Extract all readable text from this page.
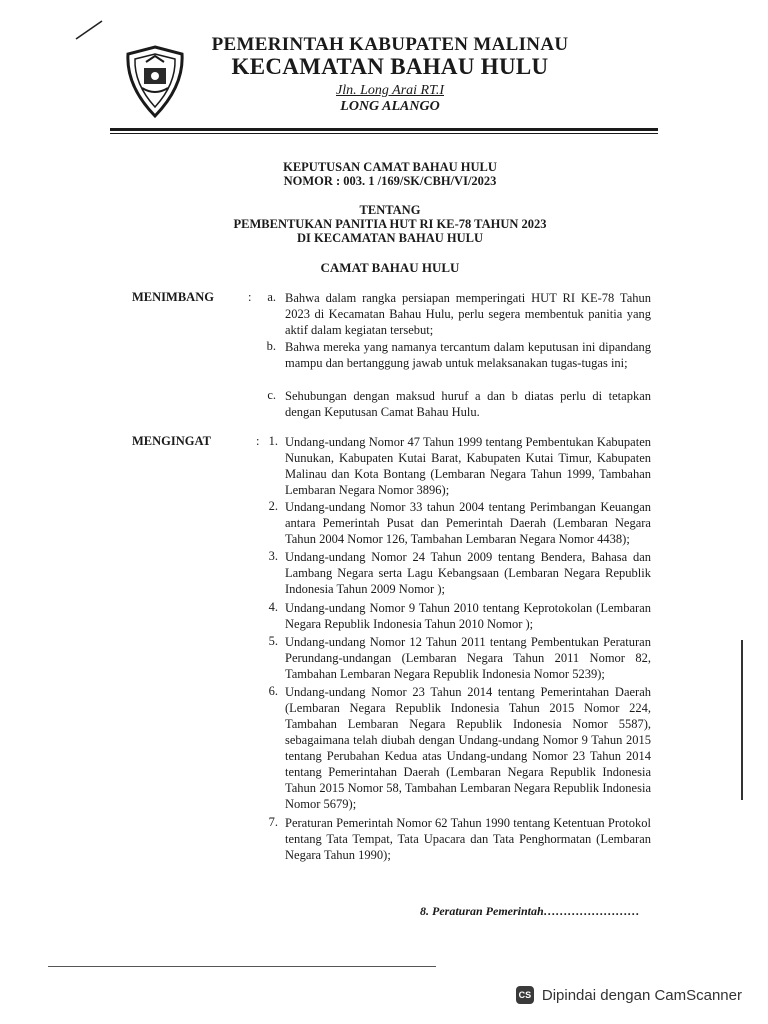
PEMERINTAH KABUPATEN MALINAU
KECAMATAN BAHAU HULU
Jln. Long Arai RT.I
LONG ALANGO
KEPUTUSAN CAMAT BAHAU HULU
NOMOR : 003. 1 /169/SK/CBH/VI/2023
TENTANG
PEMBENTUKAN PANITIA HUT RI KE-78 TAHUN 2023
DI KECAMATAN BAHAU HULU
CAMAT BAHAU HULU
MENIMBANG	:	a. Bahwa dalam rangka persiapan memperingati HUT RI KE-78 Tahun 2023 di Kecamatan Bahau Hulu, perlu segera membentuk panitia yang aktif dalam kegiatan tersebut;
b. Bahwa mereka yang namanya tercantum dalam keputusan ini dipandang mampu dan bertanggung jawab untuk melaksanakan tugas-tugas ini;
c. Sehubungan dengan maksud huruf a dan b diatas perlu di tetapkan dengan Keputusan Camat Bahau Hulu.
MENGINGAT	: 1. Undang-undang Nomor 47 Tahun 1999 tentang Pembentukan Kabupaten Nunukan, Kabupaten Kutai Barat, Kabupaten Kutai Timur, Kabupaten Malinau dan Kota Bontang (Lembaran Negara Tahun 1999, Tambahan Lembaran Negara Nomor 3896);
2. Undang-undang Nomor 33 tahun 2004 tentang Perimbangan Keuangan antara Pemerintah Pusat dan Pemerintah Daerah (Lembaran Negara Tahun 2004 Nomor 126, Tambahan Lembaran Negara Nomor 4438);
3. Undang-undang Nomor 24 Tahun 2009 tentang Bendera, Bahasa dan Lambang Negara serta Lagu Kebangsaan (Lembaran Negara Republik Indonesia Tahun 2009 Nomor );
4. Undang-undang Nomor 9 Tahun 2010 tentang Keprotokolan (Lembaran Negara Republik Indonesia Tahun 2010 Nomor );
5. Undang-undang Nomor 12 Tahun 2011 tentang Pembentukan Peraturan Perundang-undangan (Lembaran Negara Tahun 2011 Nomor 82, Tambahan Lembaran Negara Republik Indonesia Nomor 5239);
6. Undang-undang Nomor 23 Tahun 2014 tentang Pemerintahan Daerah (Lembaran Negara Republik Indonesia Tahun 2015 Nomor 224, Tambahan Lembaran Negara Republik Indonesia Nomor 5587), sebagaimana telah diubah dengan Undang-undang Nomor 9 Tahun 2015 tentang Perubahan Kedua atas Undang-undang Nomor 23 Tahun 2014 tentang Pemerintahan Daerah (Lembaran Negara Republik Indonesia Tahun 2015 Nomor 58, Tambahan Lembaran Negara Republik Indonesia Nomor 5679);
7. Peraturan Pemerintah Nomor 62 Tahun 1990 tentang Ketentuan Protokol tentang Tata Tempat, Tata Upacara dan Tata Penghormatan (Lembaran Negara Tahun 1990);
8. Peraturan Pemerintah……………………
CS Dipindai dengan CamScanner
